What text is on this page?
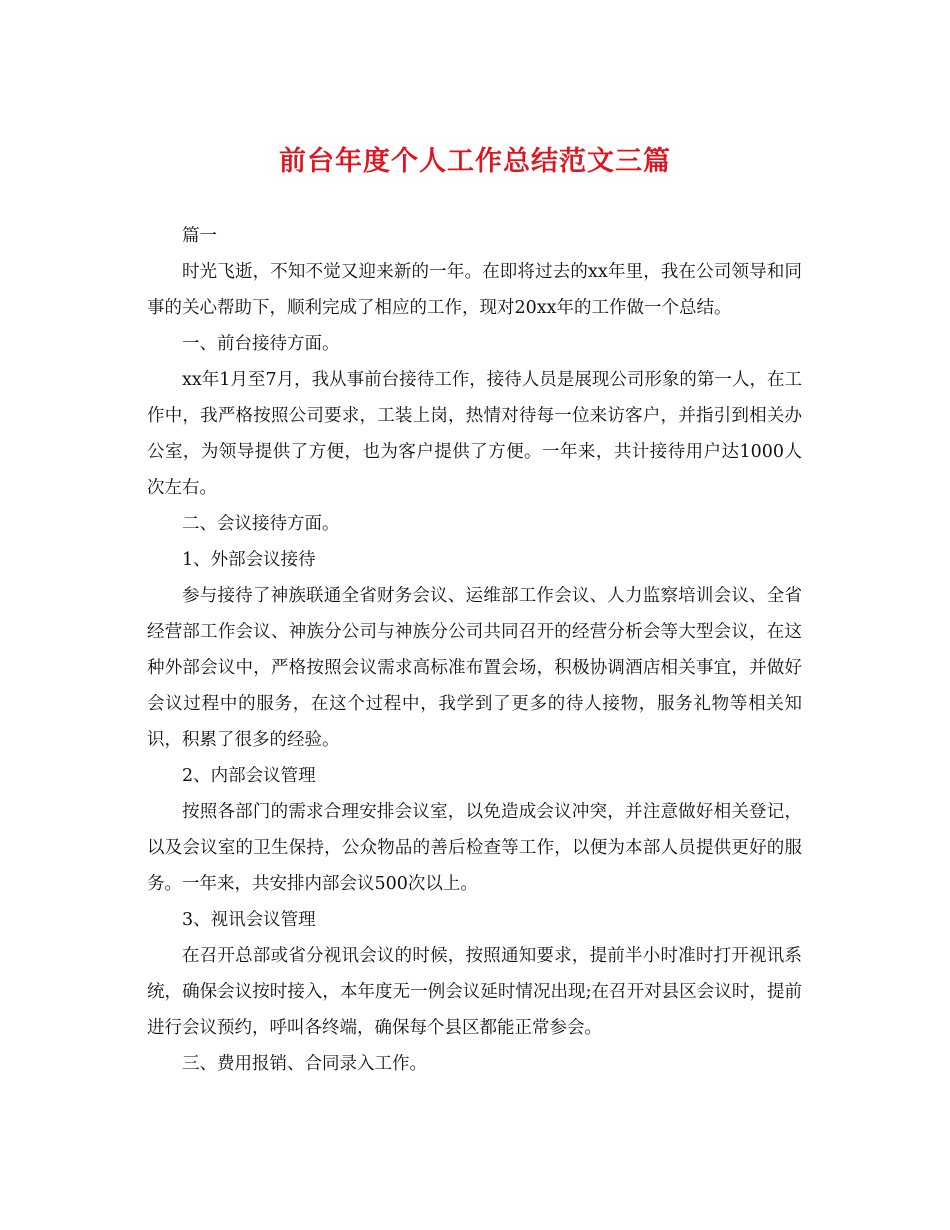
前台年度个人工作总结范文三篇

篇一

时光飞逝，不知不觉又迎来新的一年。在即将过去的xx年里，我在公司领导和同事的关心帮助下，顺利完成了相应的工作，现对20xx年的工作做一个总结。

一、前台接待方面。

xx年1月至7月，我从事前台接待工作，接待人员是展现公司形象的第一人，在工作中，我严格按照公司要求，工装上岗，热情对待每一位来访客户，并指引到相关办公室，为领导提供了方便，也为客户提供了方便。一年来，共计接待用户达1000人次左右。

二、会议接待方面。

1、外部会议接待

参与接待了神族联通全省财务会议、运维部工作会议、人力监察培训会议、全省经营部工作会议、神族分公司与神族分公司共同召开的经营分析会等大型会议，在这种外部会议中，严格按照会议需求高标准布置会场，积极协调酒店相关事宜，并做好会议过程中的服务，在这个过程中，我学到了更多的待人接物，服务礼物等相关知识，积累了很多的经验。

2、内部会议管理

按照各部门的需求合理安排会议室，以免造成会议冲突，并注意做好相关登记，以及会议室的卫生保持，公众物品的善后检查等工作，以便为本部人员提供更好的服务。一年来，共安排内部会议500次以上。

3、视讯会议管理

在召开总部或省分视讯会议的时候，按照通知要求，提前半小时准时打开视讯系统，确保会议按时接入，本年度无一例会议延时情况出现;在召开对县区会议时，提前进行会议预约，呼叫各终端，确保每个县区都能正常参会。

三、费用报销、合同录入工作。
